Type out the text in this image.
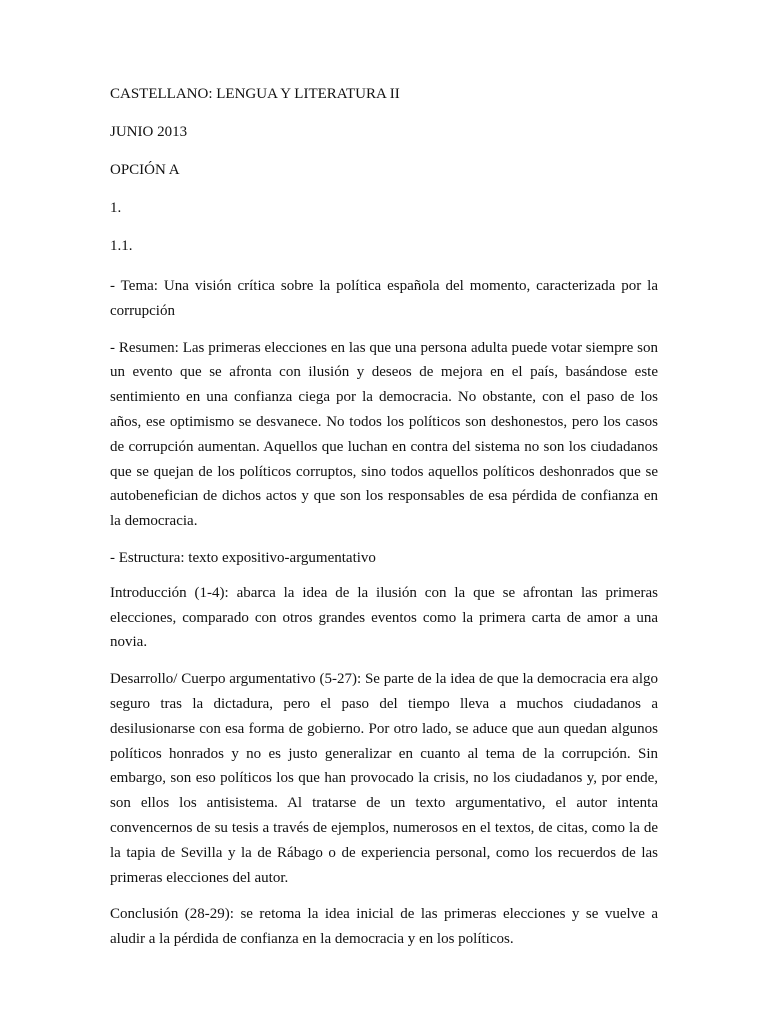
CASTELLANO: LENGUA Y LITERATURA II

JUNIO 2013

OPCIÓN A

1.

1.1.

- Tema: Una visión crítica sobre la política española del momento, caracterizada por la corrupción

- Resumen: Las primeras elecciones en las que una persona adulta puede votar siempre son un evento que se afronta con ilusión y deseos de mejora en el país, basándose este sentimiento en una confianza ciega por la democracia. No obstante, con el paso de los años, ese optimismo se desvanece. No todos los políticos son deshonestos, pero los casos de corrupción aumentan. Aquellos que luchan en contra del sistema no son los ciudadanos que se quejan de los políticos corruptos, sino todos aquellos políticos deshonrados que se autobenefician de dichos actos y que son los responsables de esa pérdida de confianza en la democracia.

- Estructura: texto expositivo-argumentativo

Introducción (1-4): abarca la idea de la ilusión con la que se afrontan las primeras elecciones, comparado con otros grandes eventos como la primera carta de amor a una novia.

Desarrollo/ Cuerpo argumentativo (5-27): Se parte de la idea de que la democracia era algo seguro tras la dictadura, pero el paso del tiempo lleva a muchos ciudadanos a desilusionarse con esa forma de gobierno. Por otro lado, se aduce que aun quedan algunos políticos honrados y no es justo generalizar en cuanto al tema de la corrupción. Sin embargo, son eso políticos los que han provocado la crisis, no los ciudadanos y, por ende, son ellos los antisistema. Al tratarse de un texto argumentativo, el autor intenta convencernos de su tesis a través de ejemplos, numerosos en el textos, de citas, como la de la tapia de Sevilla y la de Rábago o de experiencia personal, como los recuerdos de las primeras elecciones del autor.

Conclusión (28-29): se retoma la idea inicial de las primeras elecciones y se vuelve a aludir a la pérdida de confianza en la democracia y en los políticos.
